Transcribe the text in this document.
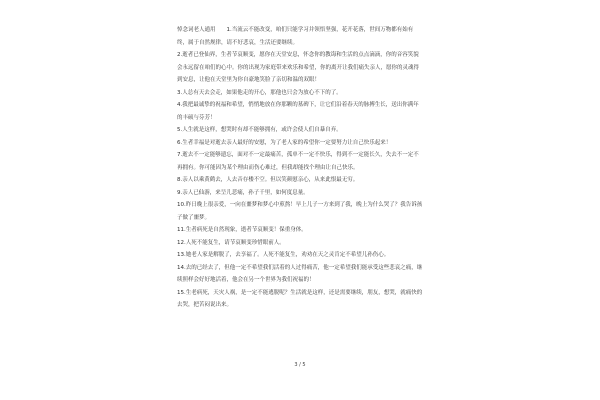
悼念词老人通用　　1.当流云不能改变，咱们只能学习并领悟坚强，花开花落，世间万物都有始有终，属于自然规律，请不好悲哀，生活还要继续。

2.逝者已登仙界，生者节哀顺变，愿你在天堂安息，怀念你的教诲和生活的点点滴滴，你的音容笑貌会永远留在咱们的心中。你的出现为家庭带来欢乐和希望，你的离开让我们痛失亲人，愿你的灵魂得到安息，让他在天堂里为你自豪地笑脸了亲切和温的双眼！

3.人总有天去会走，如果他走的开心，那他也只会为放心不下的了。

4.我把最诚挚的祝福和希望，悄悄地放在你那颗的墓碑下，让它们沿着春天的脉搏生长，送出你满年的丰硕与芬芳！

5.人生就是这样，想哭时有却不能够拥有，或许会使人们自暴自弃。

6.生者幸福是对逝去亲人最好的安慰，为了老人家的希望你一定要努力让自己快乐起来！

7.逝去不一定能够遗忘，面对不一定最痛苦，孤单不一定不快乐，得到不一定能长久，失去不一定不再拥有。你可能因为某个理由而伤心难过，但我却能找个理由让自己快乐。

8.亲人以乘黄鹤去，人去音存楼不空。但以笑颜慰亲心，从来此恨最无穷。

9.亲人已仙游，来呈儿悲痛，孙子千里，如何度息量。

10.昨日晚上很亲爱，一向在噩梦和梦心中煎熬！早上儿子一方来到了我，晚上为什么哭了？我告诉孩子做了噩梦。

11.生者病死是自然现象，逝者节哀顺变！保重身体。

12.人死不能复生，请节哀顺变珍惜眼前人。

13.她老人家是解脱了，去享福了。人死不能复生，劝劝在天之灵肯定不希望儿孙伤心。

14.去的已经去了，但他一定不希望我们活着的人过得痛苦，他一定希望我们能承受这些悲哀之痛，继续照样会好好地活着，他会在另一个世界为我们祝福的！

15.生老病死，天灾人祸，是一定不能逃脱呢？生活就是这样，还是需要继续，朋友，想哭，就痛快的去哭，把苦闷说出来。

3 / 5
